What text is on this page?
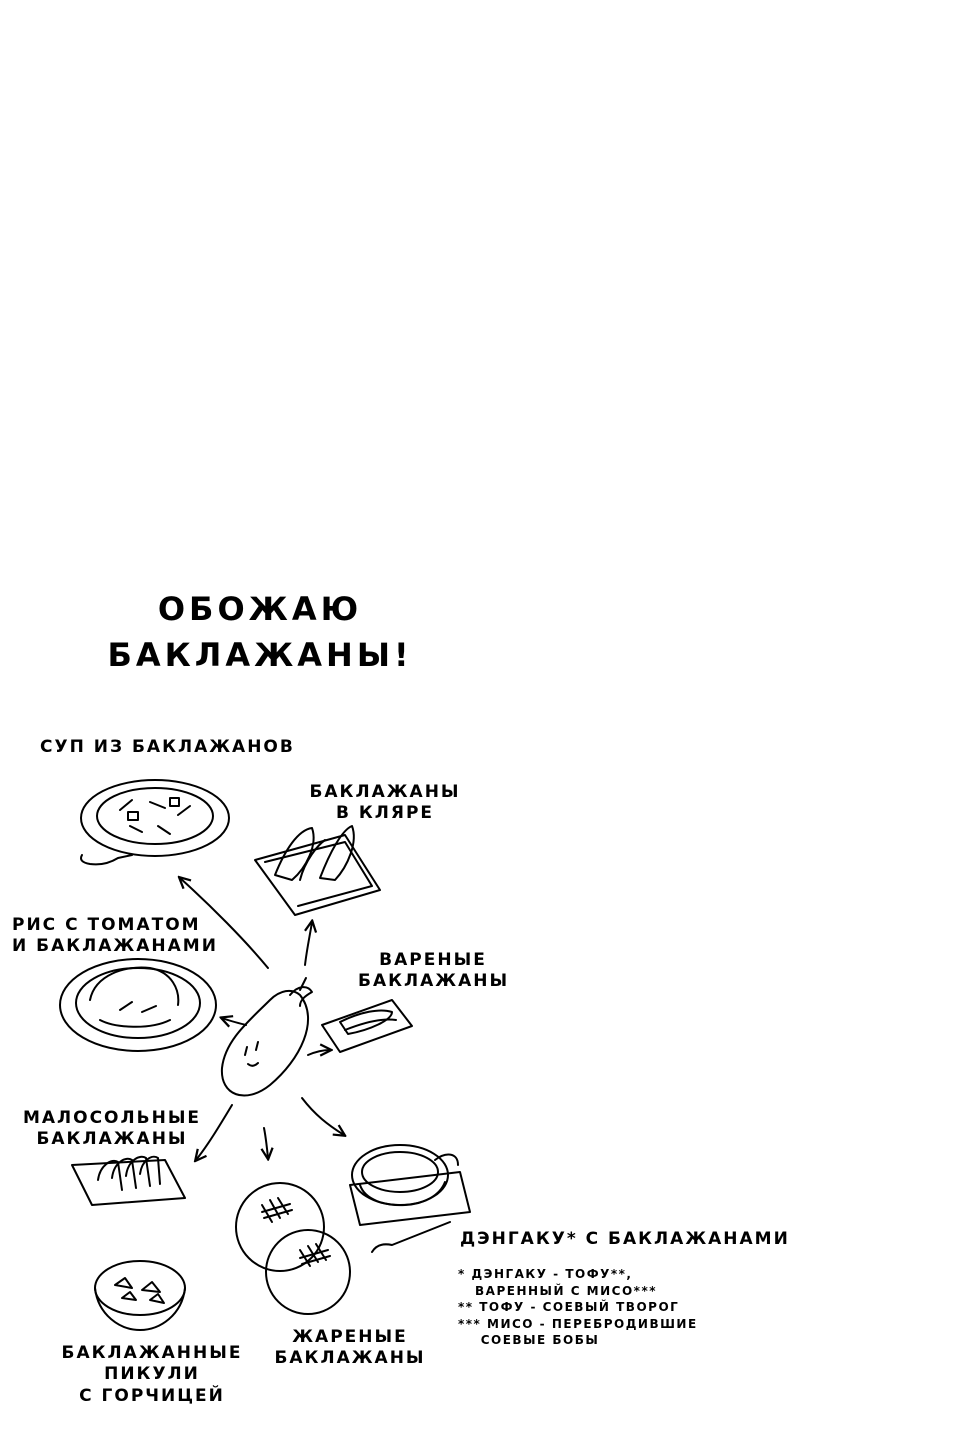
ОБОЖАЮ
БАКЛАЖАНЫ!
СУП ИЗ БАКЛАЖАНОВ
БАКЛАЖАНЫ
В КЛЯРЕ
РИС С ТОМАТОМ
И БАКЛАЖАНАМИ
ВАРЕНЫЕ
БАКЛАЖАНЫ
МАЛОСОЛЬНЫЕ
БАКЛАЖАНЫ
ДЭНГАКУ* С БАКЛАЖАНАМИ
ЖАРЕНЫЕ
БАКЛАЖАНЫ
БАКЛАЖАННЫЕ
ПИКУЛИ
С ГОРЧИЦЕЙ
* ДЭНГАКУ - ТОФУ**,
ВАРЕННЫЙ С МИСО***
** ТОФУ - СОЕВЫЙ ТВОРОГ
*** МИСО - ПЕРЕБРОДИВШИЕ
СОЕВЫЕ БОБЫ
